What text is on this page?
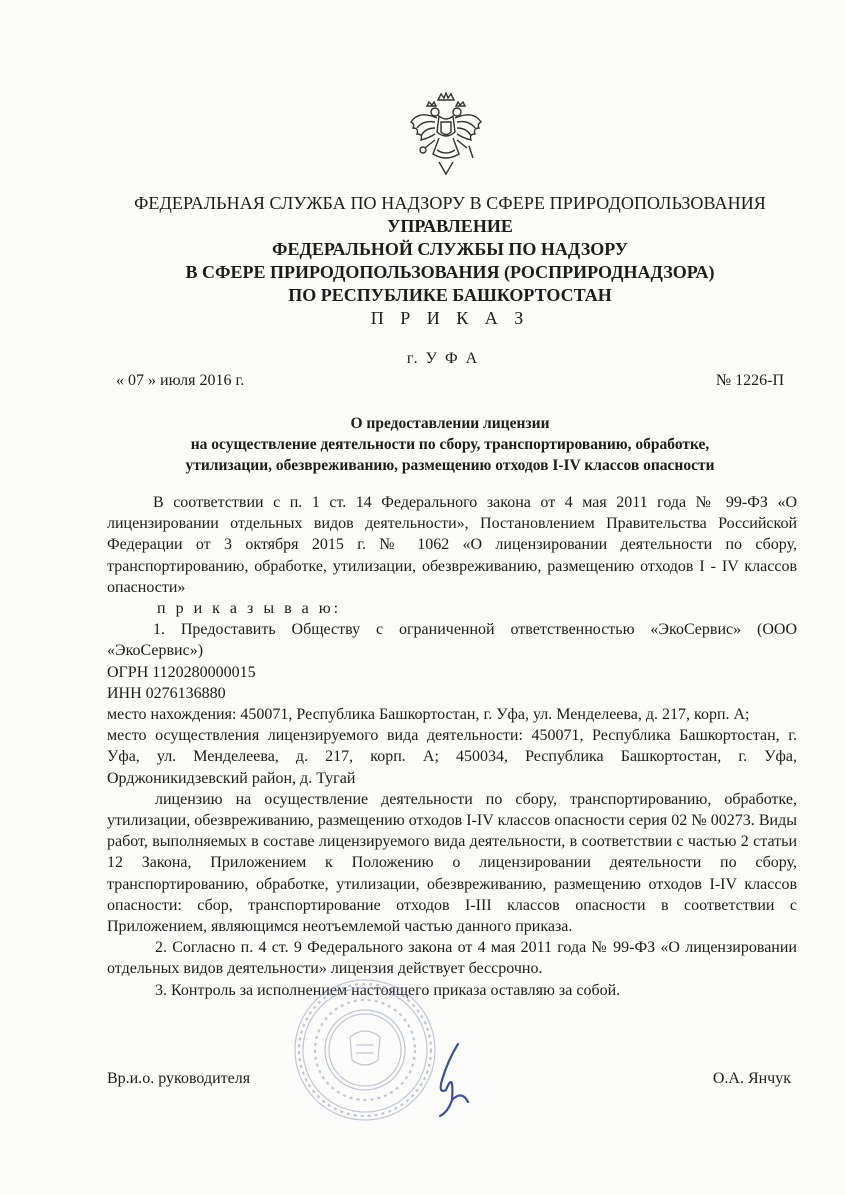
ФЕДЕРАЛЬНАЯ СЛУЖБА ПО НАДЗОРУ В СФЕРЕ ПРИРОДОПОЛЬЗОВАНИЯ
УПРАВЛЕНИЕ
ФЕДЕРАЛЬНОЙ СЛУЖБЫ ПО НАДЗОРУ
В СФЕРЕ ПРИРОДОПОЛЬЗОВАНИЯ (РОСПРИРОДНАДЗОРА)
ПО РЕСПУБЛИКЕ БАШКОРТОСТАН
П Р И К А З
г. У Ф А
« 07 » июля 2016 г.	№ 1226-П
О предоставлении лицензии
на осуществление деятельности по сбору, транспортированию, обработке,
утилизации, обезвреживанию, размещению отходов I-IV классов опасности

В соответствии с п. 1 ст. 14 Федерального закона от 4 мая 2011 года № 99-ФЗ «О лицензировании отдельных видов деятельности», Постановлением Правительства Российской Федерации от 3 октября 2015 г. № 1062 «О лицензировании деятельности по сбору, транспортированию, обработке, утилизации, обезвреживанию, размещению отходов I - IV классов опасности»

п р и к а з ы в а ю:

1. Предоставить Обществу с ограниченной ответственностью «ЭкоСервис» (ООО «ЭкоСервис»)

ОГРН 1120280000015

ИНН 0276136880

место нахождения: 450071, Республика Башкортостан, г. Уфа, ул. Менделеева, д. 217, корп. А;

место осуществления лицензируемого вида деятельности: 450071, Республика Башкортостан, г. Уфа, ул. Менделеева, д. 217, корп. А; 450034, Республика Башкортостан, г. Уфа, Орджоникидзевский район, д. Тугай

лицензию на осуществление деятельности по сбору, транспортированию, обработке, утилизации, обезвреживанию, размещению отходов I-IV классов опасности серия 02 № 00273. Виды работ, выполняемых в составе лицензируемого вида деятельности, в соответствии с частью 2 статьи 12 Закона, Приложением к Положению о лицензировании деятельности по сбору, транспортированию, обработке, утилизации, обезвреживанию, размещению отходов I-IV классов опасности: сбор, транспортирование отходов I-III классов опасности в соответствии с Приложением, являющимся неотъемлемой частью данного приказа.

2. Согласно п. 4 ст. 9 Федерального закона от 4 мая 2011 года № 99-ФЗ «О лицензировании отдельных видов деятельности» лицензия действует бессрочно.

3. Контроль за исполнением настоящего приказа оставляю за собой.

Вр.и.о. руководителя	О.А. Янчук
